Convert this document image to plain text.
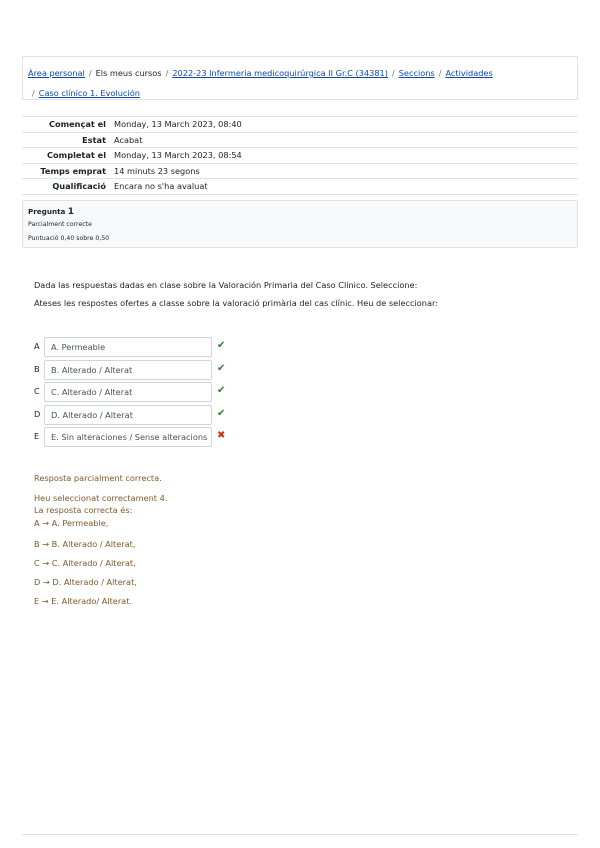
Àrea personal / Els meus cursos / 2022-23 Infermeria medicoquirúrgica II Gr.C (34381) / Seccions / Actividades
/ Caso clínico 1. Evolución
Començat el	Monday, 13 March 2023, 08:40
Estat	Acabat
Completat el	Monday, 13 March 2023, 08:54
Temps emprat	14 minuts 23 segons
Qualificació	Encara no s'ha avaluat
Pregunta 1
Parcialment correcte
Puntuació 0,40 sobre 0,50
Dada las respuestas dadas en clase sobre la Valoración Primaria del Caso Clínico. Seleccione:
Ateses les respostes ofertes a classe sobre la valoració primària del cas clínic. Heu de seleccionar:
A	A. Permeable	✔
B	B. Alterado / Alterat	✔
C	C. Alterado / Alterat	✔
D	D. Alterado / Alterat	✔
E	E. Sin alteraciones / Sense alteracions ✖
Resposta parcialment correcta.
Heu seleccionat correctament 4.
La resposta correcta és:
A → A. Permeable,
B → B. Alterado / Alterat,
C → C. Alterado / Alterat,
D → D. Alterado / Alterat,
E → E. Alterado/ Alterat.
